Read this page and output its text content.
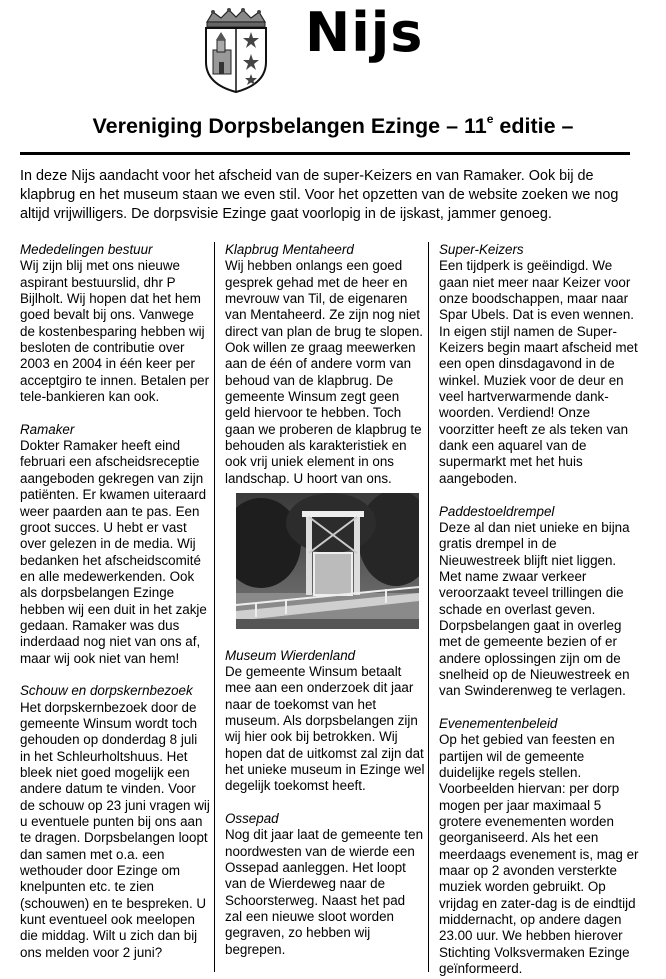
Nijs
Vereniging Dorpsbelangen Ezinge – 11e editie –
In deze Nijs aandacht voor het afscheid van de super-Keizers en van Ramaker. Ook bij de klapbrug en het museum staan we even stil. Voor het opzetten van de website zoeken we nog altijd vrijwilligers. De dorpsvisie Ezinge gaat voorlopig in de ijskast, jammer genoeg.
Mededelingen bestuur
Wij zijn blij met ons nieuwe aspirant bestuurslid, dhr P Bijlholt. Wij hopen dat het hem goed bevalt bij ons. Vanwege de kostenbesparing hebben wij besloten de contributie over 2003 en 2004 in één keer per acceptgiro te innen. Betalen per tele-bankieren kan ook.
Ramaker
Dokter Ramaker heeft eind februari een afscheidsreceptie aangeboden gekregen van zijn patiënten. Er kwamen uiteraard weer paarden aan te pas. Een groot succes. U hebt er vast over gelezen in de media. Wij bedanken het afscheidscomité en alle medewerkenden. Ook als dorpsbelangen Ezinge hebben wij een duit in het zakje gedaan. Ramaker was dus inderdaad nog niet van ons af, maar wij ook niet van hem!
Schouw en dorpskernbezoek
Het dorpskernbezoek door de gemeente Winsum wordt toch gehouden op donderdag 8 juli in het Schleurholtshuus. Het bleek niet goed mogelijk een andere datum te vinden. Voor de schouw op 23 juni vragen wij u eventuele punten bij ons aan te dragen. Dorpsbelangen loopt dan samen met o.a. een wethouder door Ezinge om knelpunten etc. te zien (schouwen) en te bespreken. U kunt eventueel ook meelopen die middag. Wilt u zich dan bij ons melden voor 2 juni?
Klapbrug Mentaheerd
Wij hebben onlangs een goed gesprek gehad met de heer en mevrouw van Til, de eigenaren van Mentaheerd. Ze zijn nog niet direct van plan de brug te slopen. Ook willen ze graag meewerken aan de één of andere vorm van behoud van de klapbrug. De gemeente Winsum zegt geen geld hiervoor te hebben. Toch gaan we proberen de klapbrug te behouden als karakteristiek en ook vrij uniek element in ons landschap. U hoort van ons.
Museum Wierdenland
De gemeente Winsum betaalt mee aan een onderzoek dit jaar naar de toekomst van het museum. Als dorpsbelangen zijn wij hier ook bij betrokken. Wij hopen dat de uitkomst zal zijn dat het unieke museum in Ezinge wel degelijk toekomst heeft.
Ossepad
Nog dit jaar laat de gemeente ten noordwesten van de wierde een Ossepad aanleggen. Het loopt van de Wierdeweg naar de Schoorsterweg. Naast het pad zal een nieuwe sloot worden gegraven, zo hebben wij begrepen.
Super-Keizers
Een tijdperk is geëindigd. We gaan niet meer naar Keizer voor onze boodschappen, maar naar Spar Ubels. Dat is even wennen. In eigen stijl namen de Super-Keizers begin maart afscheid met een open dinsdagavond in de winkel. Muziek voor de deur en veel hartverwarmende dank-woorden. Verdiend! Onze voorzitter heeft ze als teken van dank een aquarel van de supermarkt met het huis aangeboden.
Paddestoeldrempel
Deze al dan niet unieke en bijna gratis drempel in de Nieuwestreek blijft niet liggen. Met name zwaar verkeer veroorzaakt teveel trillingen die schade en overlast geven. Dorpsbelangen gaat in overleg met de gemeente bezien of er andere oplossingen zijn om de snelheid op de Nieuwestreek en van Swinderenweg te verlagen.
Evenementenbeleid
Op het gebied van feesten en partijen wil de gemeente duidelijke regels stellen. Voorbeelden hiervan: per dorp mogen per jaar maximaal 5 grotere evenementen worden georganiseerd. Als het een meerdaags evenement is, mag er maar op 2 avonden versterkte muziek worden gebruikt. Op vrijdag en zater-dag is de eindtijd middernacht, op andere dagen 23.00 uur. We hebben hierover Stichting Volksvermaken Ezinge geïnformeerd.
